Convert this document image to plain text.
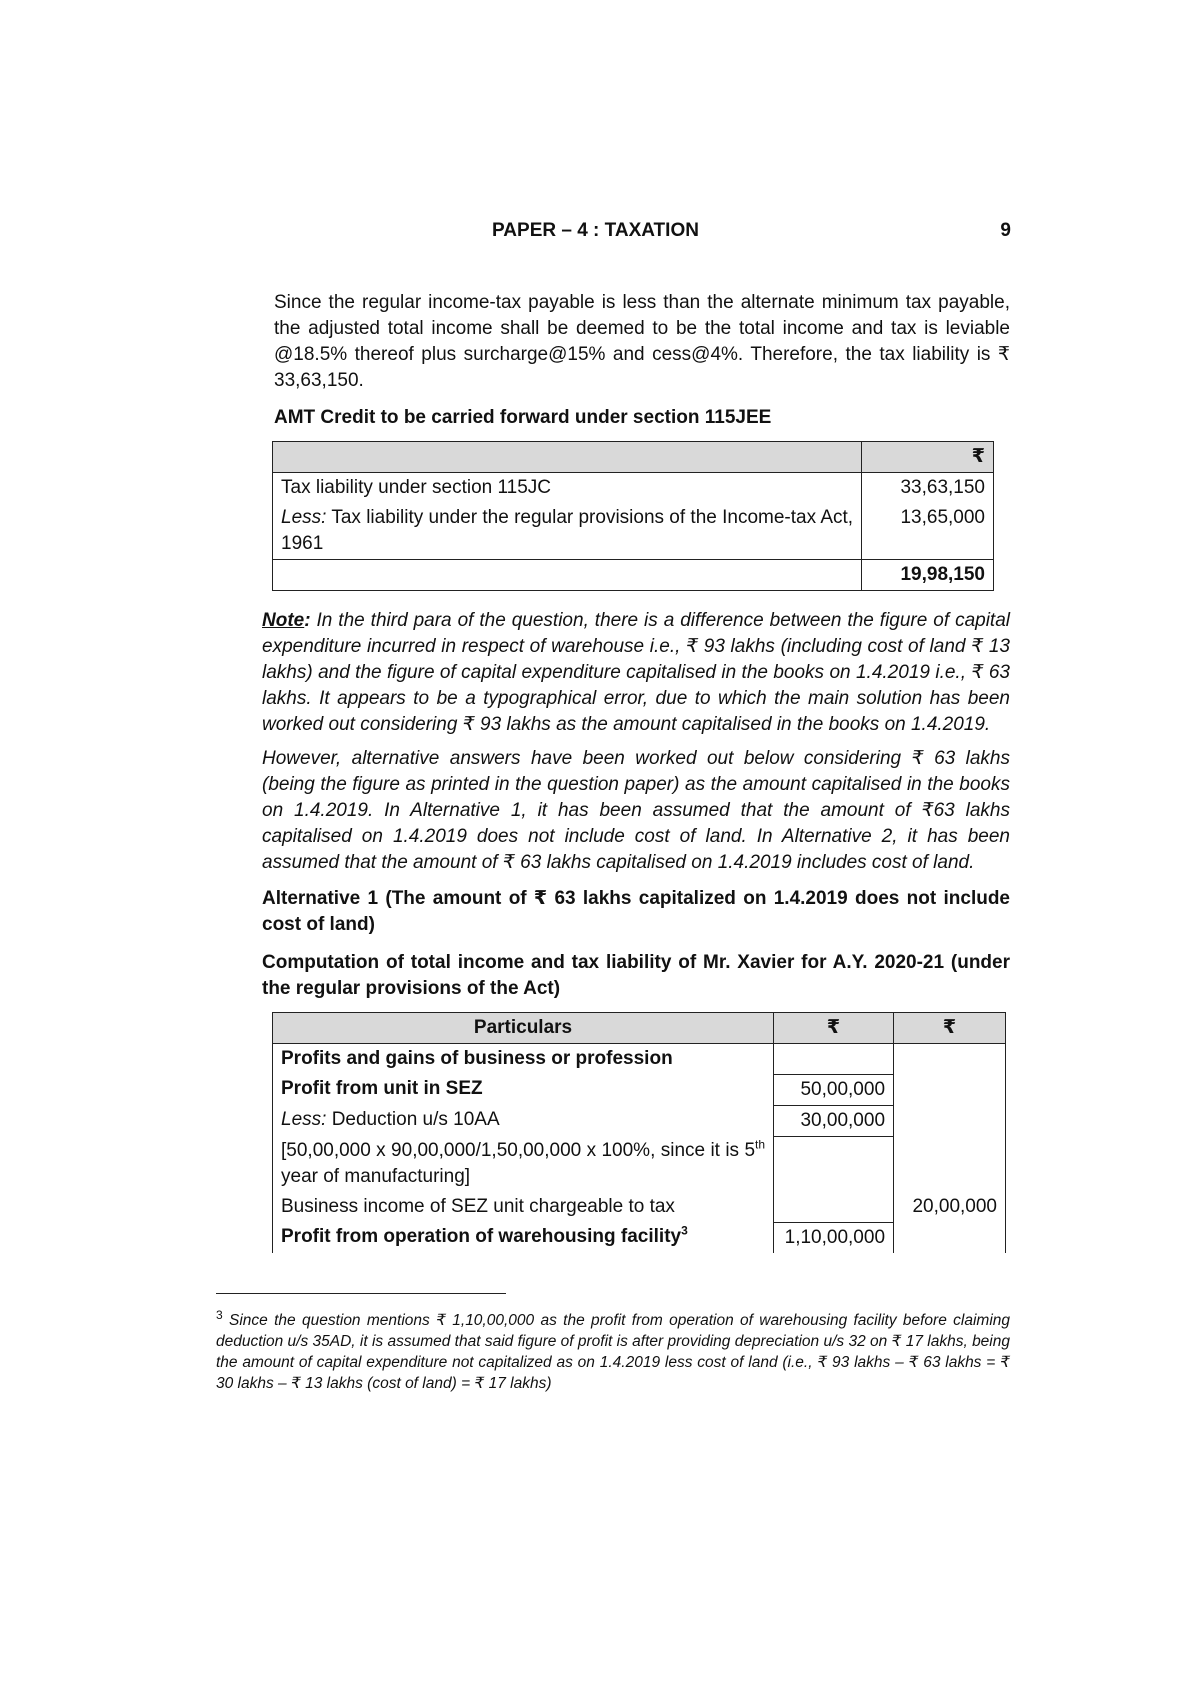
PAPER – 4 : TAXATION	9

Since the regular income-tax payable is less than the alternate minimum tax payable, the adjusted total income shall be deemed to be the total income and tax is leviable @18.5% thereof plus surcharge@15% and cess@4%. Therefore, the tax liability is ₹ 33,63,150.

AMT Credit to be carried forward under section 115JEE

	₹
Tax liability under section 115JC	33,63,150
Less: Tax liability under the regular provisions of the Income-tax Act, 1961	13,65,000
	19,98,150

Note: In the third para of the question, there is a difference between the figure of capital expenditure incurred in respect of warehouse i.e., ₹ 93 lakhs (including cost of land ₹ 13 lakhs) and the figure of capital expenditure capitalised in the books on 1.4.2019 i.e., ₹ 63 lakhs. It appears to be a typographical error, due to which the main solution has been worked out considering ₹ 93 lakhs as the amount capitalised in the books on 1.4.2019.

However, alternative answers have been worked out below considering ₹ 63 lakhs (being the figure as printed in the question paper) as the amount capitalised in the books on 1.4.2019. In Alternative 1, it has been assumed that the amount of ₹63 lakhs capitalised on 1.4.2019 does not include cost of land. In Alternative 2, it has been assumed that the amount of ₹ 63 lakhs capitalised on 1.4.2019 includes cost of land.

Alternative 1 (The amount of ₹ 63 lakhs capitalized on 1.4.2019 does not include cost of land)

Computation of total income and tax liability of Mr. Xavier for A.Y. 2020-21 (under the regular provisions of the Act)

Particulars	₹	₹
Profits and gains of business or profession		
Profit from unit in SEZ	50,00,000	
Less: Deduction u/s 10AA	30,00,000	
[50,00,000 x 90,00,000/1,50,00,000 x 100%, since it is 5th year of manufacturing]		
Business income of SEZ unit chargeable to tax		20,00,000
Profit from operation of warehousing facility$^3$	1,10,00,000	

$^3$ Since the question mentions ₹ 1,10,00,000 as the profit from operation of warehousing facility before claiming deduction u/s 35AD, it is assumed that said figure of profit is after providing depreciation u/s 32 on ₹ 17 lakhs, being the amount of capital expenditure not capitalized as on 1.4.2019 less cost of land (i.e., ₹ 93 lakhs – ₹ 63 lakhs = ₹ 30 lakhs – ₹ 13 lakhs (cost of land) = ₹ 17 lakhs)
